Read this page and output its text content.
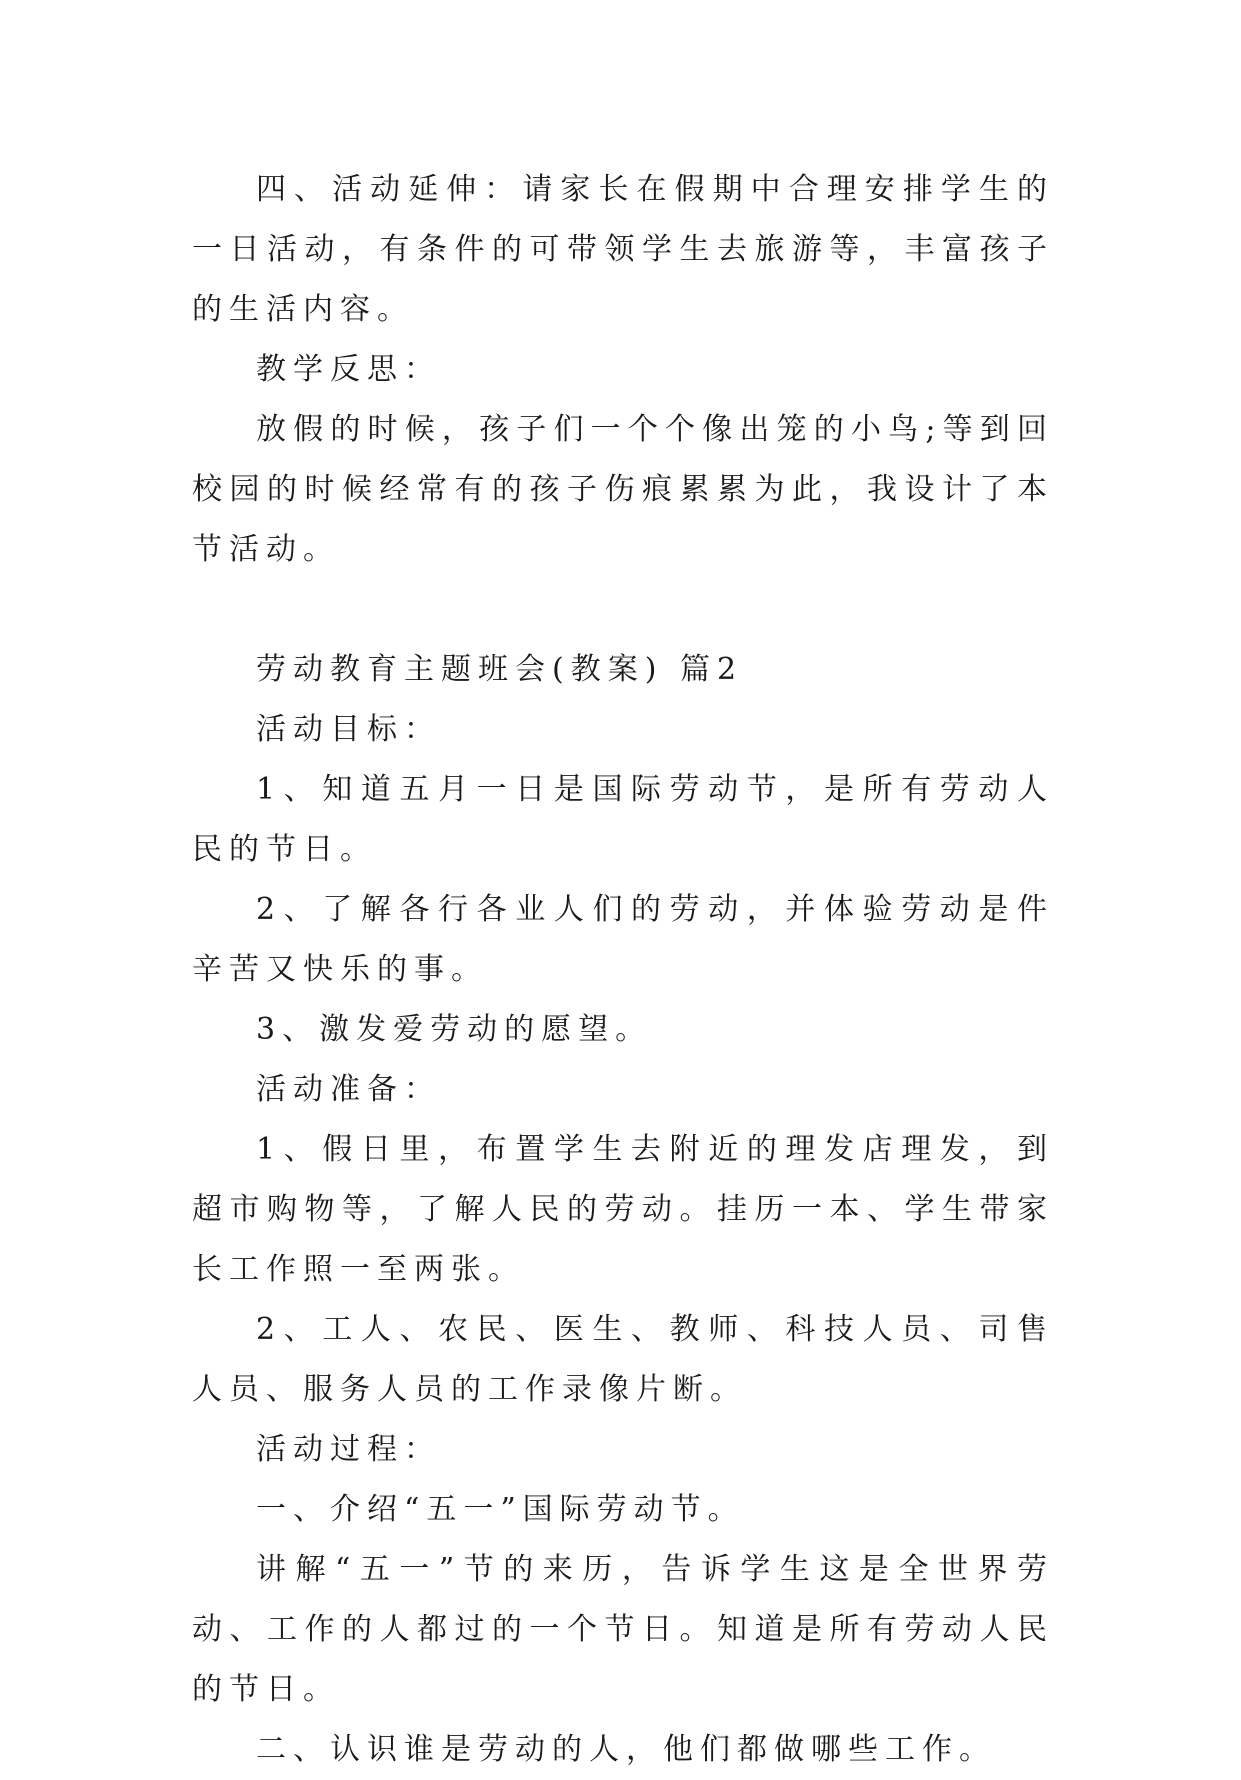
四、活动延伸：请家长在假期中合理安排学生的一日活动，有条件的可带领学生去旅游等，丰富孩子的生活内容。

教学反思：

放假的时候，孩子们一个个像出笼的小鸟;等到回校园的时候经常有的孩子伤痕累累为此，我设计了本节活动。

劳动教育主题班会(教案) 篇2

活动目标：

1、知道五月一日是国际劳动节，是所有劳动人民的节日。

2、了解各行各业人们的劳动，并体验劳动是件辛苦又快乐的事。

3、激发爱劳动的愿望。

活动准备：

1、假日里，布置学生去附近的理发店理发，到超市购物等，了解人民的劳动。挂历一本、学生带家长工作照一至两张。

2、工人、农民、医生、教师、科技人员、司售人员、服务人员的工作录像片断。

活动过程：

一、介绍“五一”国际劳动节。

讲解“五一”节的来历，告诉学生这是全世界劳动、工作的人都过的一个节日。知道是所有劳动人民的节日。

二、认识谁是劳动的人，他们都做哪些工作。
